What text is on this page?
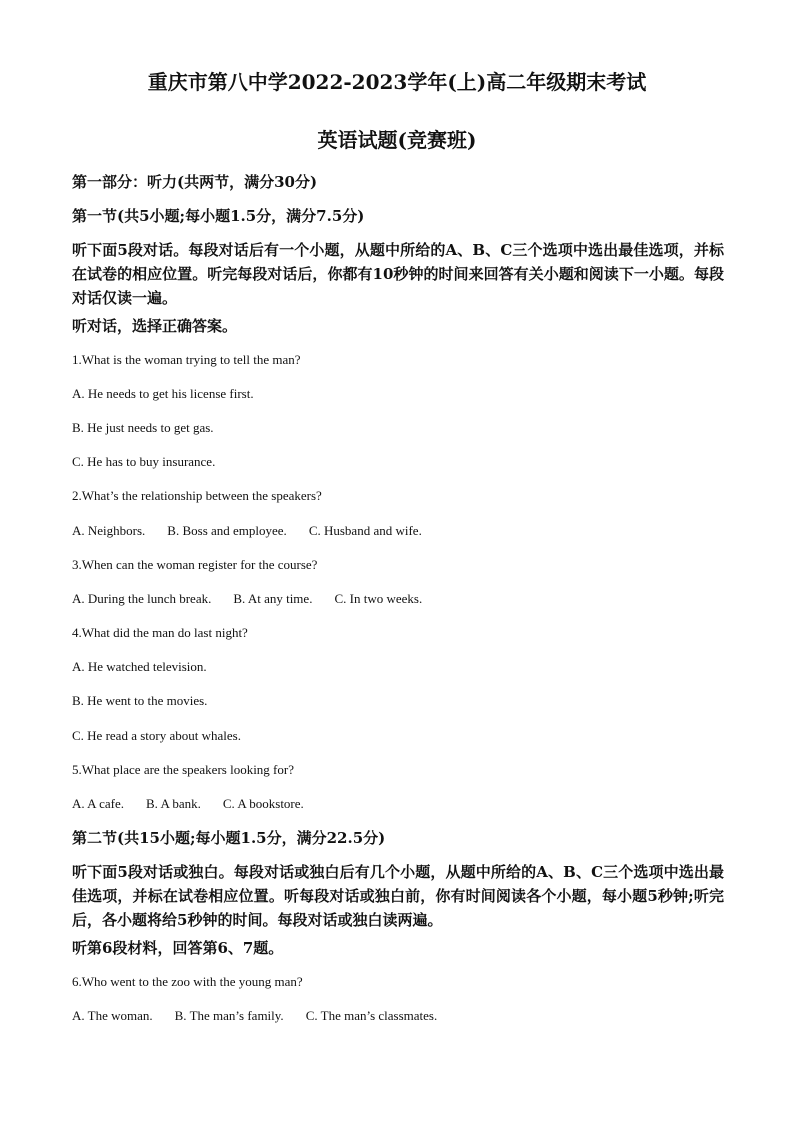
重庆市第八中学2022-2023学年(上)高二年级期末考试
英语试题(竞赛班)
第一部分：听力(共两节，满分30分)
第一节(共5小题;每小题1.5分，满分7.5分)

听下面5段对话。每段对话后有一个小题，从题中所给的A、B、C三个选项中选出最佳选项，并标在试卷的相应位置。听完每段对话后，你都有10秒钟的时间来回答有关小题和阅读下一小题。每段对话仅读一遍。

听对话，选择正确答案。
1.What is the woman trying to tell the man?
A. He needs to get his license first.
B. He just needs to get gas.
C. He has to buy insurance.
2.What’s the relationship between the speakers?
A. Neighbors. B. Boss and employee. C. Husband and wife.
3.When can the woman register for the course?
A. During the lunch break. B. At any time. C. In two weeks.
4.What did the man do last night?
A. He watched television.
B. He went to the movies.
C. He read a story about whales.
5.What place are the speakers looking for?
A. A cafe. B. A bank. C. A bookstore.
第二节(共15小题;每小题1.5分，满分22.5分)

听下面5段对话或独白。每段对话或独白后有几个小题，从题中所给的A、B、C三个选项中选出最佳选项，并标在试卷相应位置。听每段对话或独白前，你有时间阅读各个小题，每小题5秒钟;听完后，各小题将给5秒钟的时间。每段对话或独白读两遍。

听第6段材料，回答第6、7题。
6.Who went to the zoo with the young man?
A. The woman. B. The man’s family. C. The man’s classmates.
